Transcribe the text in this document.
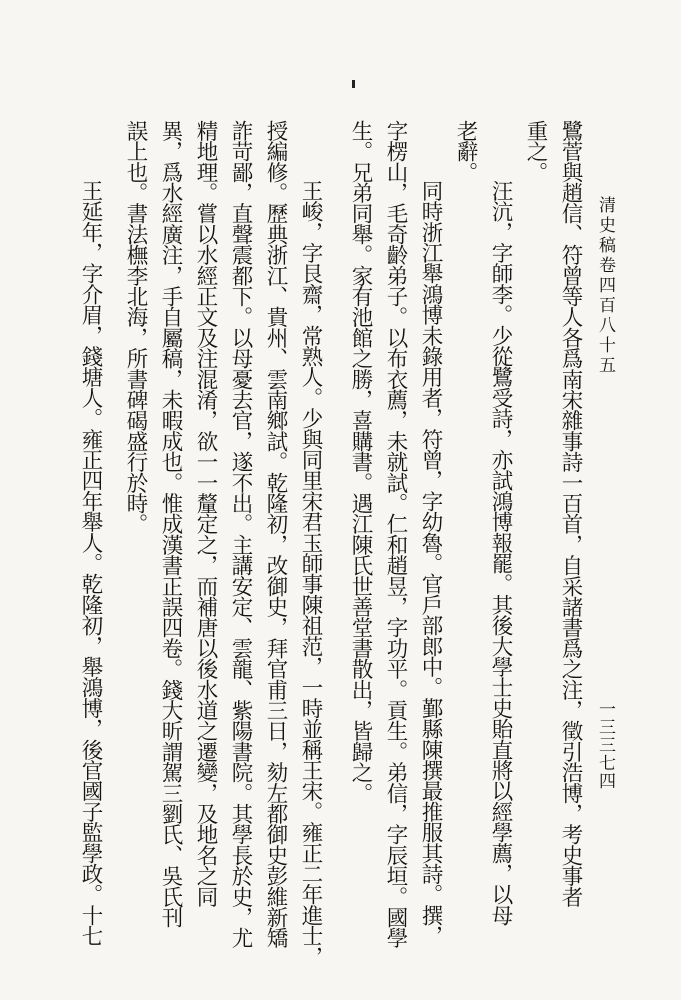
清史稿卷四百八十五
一三三七四
鷺菅與趙信、符曾等人各爲南宋雜事詩一百首，自采諸書爲之注，徵引浩博，考史事者
重之。
汪沆，字師李。少從鷺受詩，亦試鴻博報罷。其後大學士史貽直將以經學薦，以母
老辭。
同時浙江舉鴻博未錄用者，符曾，字幼魯。官戶部郎中。鄞縣陳撰最推服其詩。撰，
字楞山，毛奇齡弟子。以布衣薦，未就試。仁和趙昱，字功平。貢生。弟信，字辰垣。國學
生。兄弟同舉。家有池館之勝，喜購書。遇江陳氏世善堂書散出，皆歸之。
王峻，字艮齋，常熟人。少與同里宋君玉師事陳祖范，一時並稱王宋。雍正二年進士，
授編修。歷典浙江、貴州、雲南鄉試。乾隆初，改御史，拜官甫三日，劾左都御史彭維新矯
詐苛鄙，直聲震都下。以母憂去官，遂不出。主講安定、雲龍、紫陽書院。其學長於史，尤
精地理。嘗以水經正文及注混淆，欲一一釐定之，而補唐以後水道之遷變，及地名之同
異，爲水經廣注，手自屬稿，未暇成也。惟成漢書正誤四卷。錢大昕謂駕三劉氏、吳氏刊
誤上也。書法橅李北海，所書碑碣盛行於時。
王延年，字介眉，錢塘人。雍正四年舉人。乾隆初，舉鴻博，後官國子監學政。十七
